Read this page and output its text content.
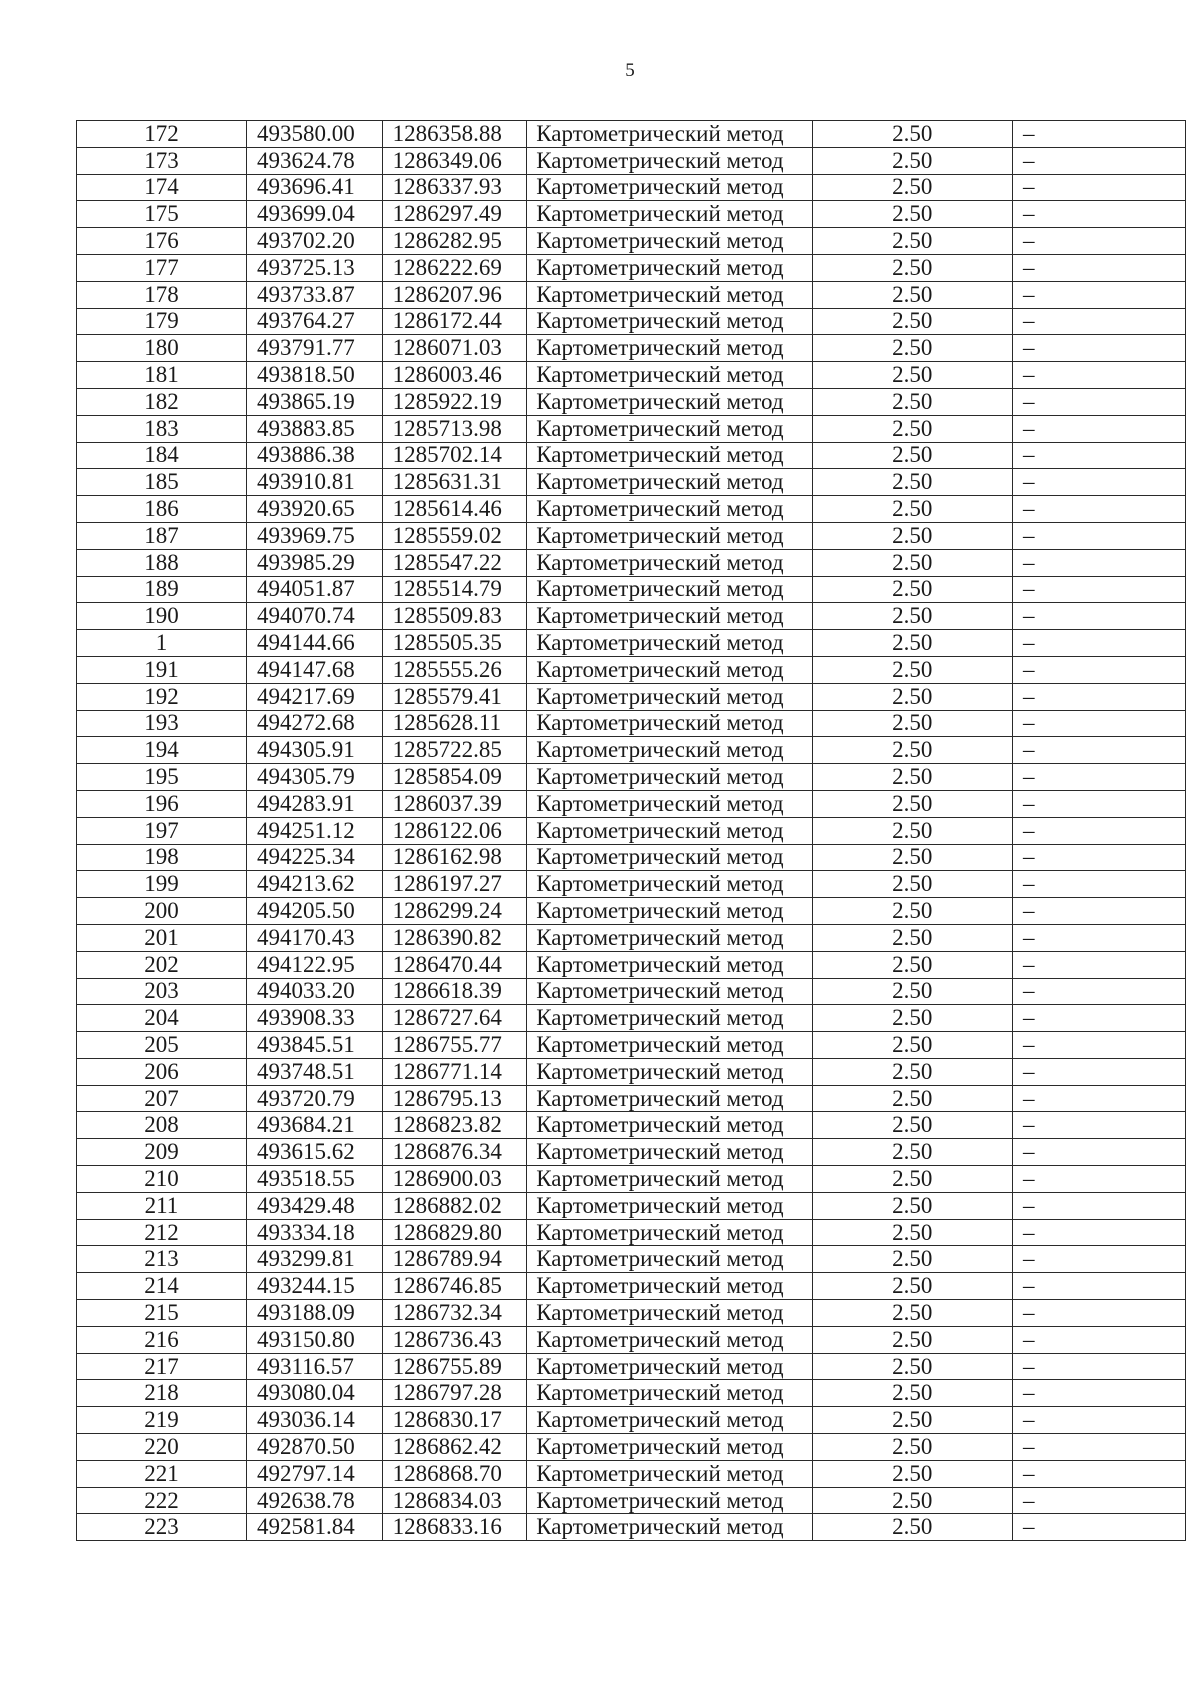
5
172	493580.00	1286358.88	Картометрический метод	2.50	–
173	493624.78	1286349.06	Картометрический метод	2.50	–
174	493696.41	1286337.93	Картометрический метод	2.50	–
175	493699.04	1286297.49	Картометрический метод	2.50	–
176	493702.20	1286282.95	Картометрический метод	2.50	–
177	493725.13	1286222.69	Картометрический метод	2.50	–
178	493733.87	1286207.96	Картометрический метод	2.50	–
179	493764.27	1286172.44	Картометрический метод	2.50	–
180	493791.77	1286071.03	Картометрический метод	2.50	–
181	493818.50	1286003.46	Картометрический метод	2.50	–
182	493865.19	1285922.19	Картометрический метод	2.50	–
183	493883.85	1285713.98	Картометрический метод	2.50	–
184	493886.38	1285702.14	Картометрический метод	2.50	–
185	493910.81	1285631.31	Картометрический метод	2.50	–
186	493920.65	1285614.46	Картометрический метод	2.50	–
187	493969.75	1285559.02	Картометрический метод	2.50	–
188	493985.29	1285547.22	Картометрический метод	2.50	–
189	494051.87	1285514.79	Картометрический метод	2.50	–
190	494070.74	1285509.83	Картометрический метод	2.50	–
1	494144.66	1285505.35	Картометрический метод	2.50	–
191	494147.68	1285555.26	Картометрический метод	2.50	–
192	494217.69	1285579.41	Картометрический метод	2.50	–
193	494272.68	1285628.11	Картометрический метод	2.50	–
194	494305.91	1285722.85	Картометрический метод	2.50	–
195	494305.79	1285854.09	Картометрический метод	2.50	–
196	494283.91	1286037.39	Картометрический метод	2.50	–
197	494251.12	1286122.06	Картометрический метод	2.50	–
198	494225.34	1286162.98	Картометрический метод	2.50	–
199	494213.62	1286197.27	Картометрический метод	2.50	–
200	494205.50	1286299.24	Картометрический метод	2.50	–
201	494170.43	1286390.82	Картометрический метод	2.50	–
202	494122.95	1286470.44	Картометрический метод	2.50	–
203	494033.20	1286618.39	Картометрический метод	2.50	–
204	493908.33	1286727.64	Картометрический метод	2.50	–
205	493845.51	1286755.77	Картометрический метод	2.50	–
206	493748.51	1286771.14	Картометрический метод	2.50	–
207	493720.79	1286795.13	Картометрический метод	2.50	–
208	493684.21	1286823.82	Картометрический метод	2.50	–
209	493615.62	1286876.34	Картометрический метод	2.50	–
210	493518.55	1286900.03	Картометрический метод	2.50	–
211	493429.48	1286882.02	Картометрический метод	2.50	–
212	493334.18	1286829.80	Картометрический метод	2.50	–
213	493299.81	1286789.94	Картометрический метод	2.50	–
214	493244.15	1286746.85	Картометрический метод	2.50	–
215	493188.09	1286732.34	Картометрический метод	2.50	–
216	493150.80	1286736.43	Картометрический метод	2.50	–
217	493116.57	1286755.89	Картометрический метод	2.50	–
218	493080.04	1286797.28	Картометрический метод	2.50	–
219	493036.14	1286830.17	Картометрический метод	2.50	–
220	492870.50	1286862.42	Картометрический метод	2.50	–
221	492797.14	1286868.70	Картометрический метод	2.50	–
222	492638.78	1286834.03	Картометрический метод	2.50	–
223	492581.84	1286833.16	Картометрический метод	2.50	–
